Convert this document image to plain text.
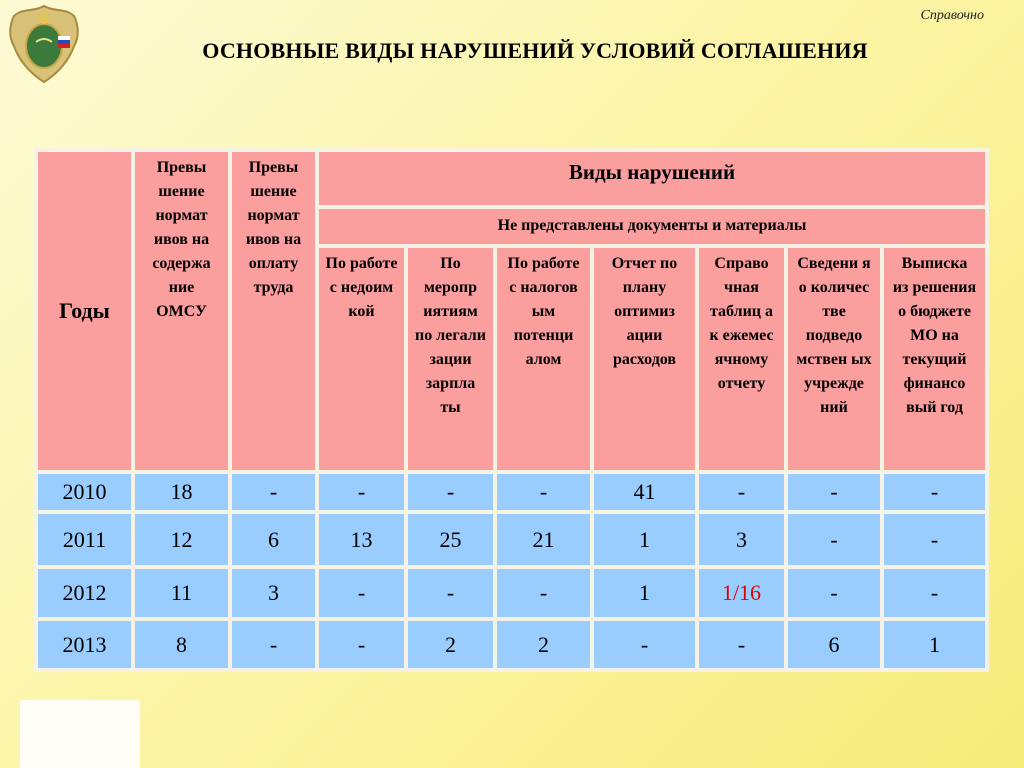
Справочно
ОСНОВНЫЕ ВИДЫ НАРУШЕНИЙ УСЛОВИЙ СОГЛАШЕНИЯ
Годы
Превы шение нормат ивов на содержа ние ОМСУ
Превы шение нормат ивов на оплату труда
Виды нарушений
Не представлены документы и материалы
По работе с недоим кой
По меропр иятиям по легали зации зарпла ты
По работе с налогов ым потенци алом
Отчет по плану оптимиз ации расходов
Справо чная таблиц а к ежемес ячному отчету
Сведени я о количес тве подведо мствен ых учрежде ний
Выписка из решения о бюджете МО на текущий финансо вый год
2010	18	-	-	-	-	41	-	-	-
2011	12	6	13	25	21	1	3	-	-
2012	11	3	-	-	-	1	1/16	-	-
2013	8	-	-	2	2	-	-	6	1
